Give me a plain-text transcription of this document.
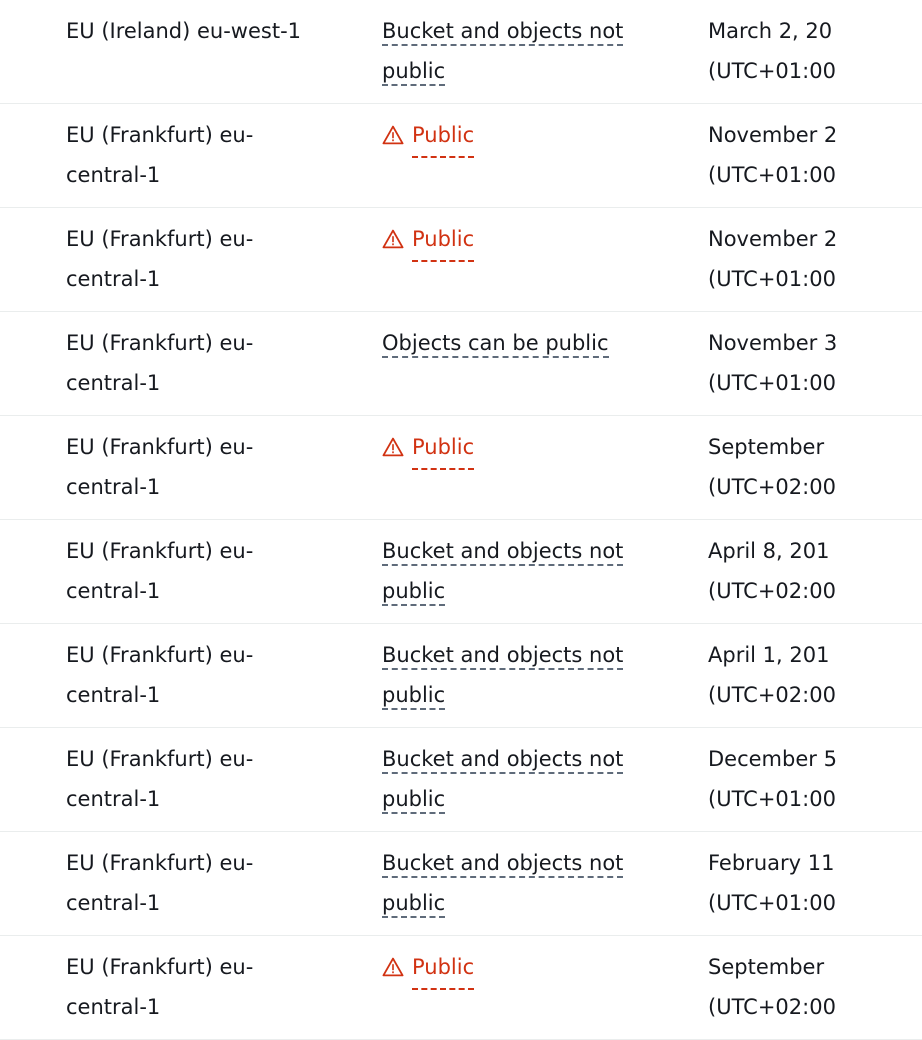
EU (Ireland) eu-west-1	Bucket and objects not public	March 2, 20
(UTC+01:00

EU (Frankfurt) eu-central-1	Public	November 2
(UTC+01:00

EU (Frankfurt) eu-central-1	Public	November 2
(UTC+01:00

EU (Frankfurt) eu-central-1	Objects can be public	November 3
(UTC+01:00

EU (Frankfurt) eu-central-1	Public	September
(UTC+02:00

EU (Frankfurt) eu-central-1	Bucket and objects not public	April 8, 201
(UTC+02:00

EU (Frankfurt) eu-central-1	Bucket and objects not public	April 1, 201
(UTC+02:00

EU (Frankfurt) eu-central-1	Bucket and objects not public	December 5
(UTC+01:00

EU (Frankfurt) eu-central-1	Bucket and objects not public	February 11
(UTC+01:00

EU (Frankfurt) eu-central-1	Public	September
(UTC+02:00
